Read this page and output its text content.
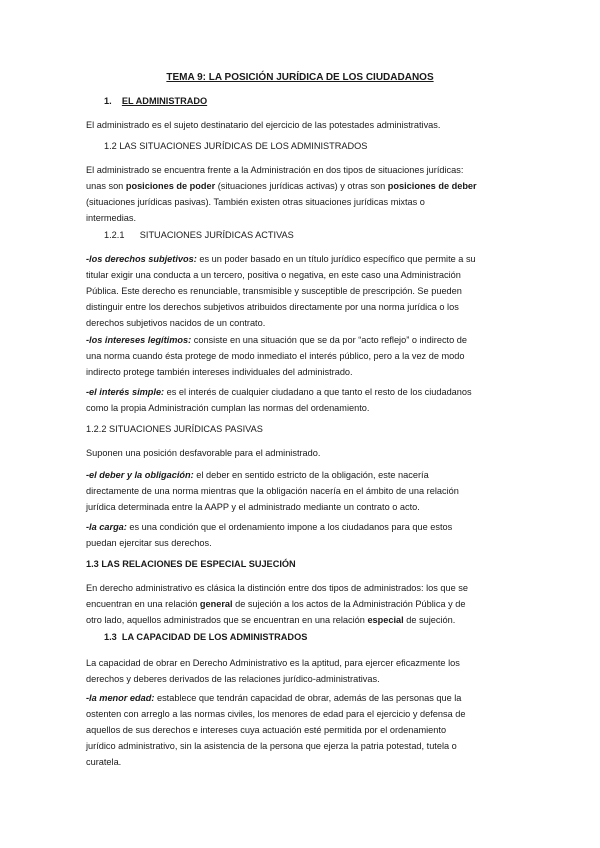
TEMA 9: LA POSICIÓN JURÍDICA DE LOS CIUDADANOS
1. EL ADMINISTRADO
El administrado es el sujeto destinatario del ejercicio de las potestades administrativas.
1.2 LAS SITUACIONES JURÍDICAS DE LOS ADMINISTRADOS
El administrado se encuentra frente a la Administración en dos tipos de situaciones jurídicas:
unas son posiciones de poder (situaciones jurídicas activas) y otras son posiciones de deber
(situaciones jurídicas pasivas). También existen otras situaciones jurídicas mixtas o
intermedias.
1.2.1 SITUACIONES JURÍDICAS ACTIVAS
-los derechos subjetivos: es un poder basado en un título jurídico específico que permite a su
titular exigir una conducta a un tercero, positiva o negativa, en este caso una Administración
Pública. Este derecho es renunciable, transmisible y susceptible de prescripción. Se pueden
distinguir entre los derechos subjetivos atribuidos directamente por una norma jurídica o los
derechos subjetivos nacidos de un contrato.
-los intereses legítimos: consiste en una situación que se da por “acto reflejo” o indirecto de
una norma cuando ésta protege de modo inmediato el interés público, pero a la vez de modo
indirecto protege también intereses individuales del administrado.
-el interés simple: es el interés de cualquier ciudadano a que tanto el resto de los ciudadanos
como la propia Administración cumplan las normas del ordenamiento.
1.2.2 SITUACIONES JURÍDICAS PASIVAS
Suponen una posición desfavorable para el administrado.
-el deber y la obligación: el deber en sentido estricto de la obligación, este nacería
directamente de una norma mientras que la obligación nacería en el ámbito de una relación
jurídica determinada entre la AAPP y el administrado mediante un contrato o acto.
-la carga: es una condición que el ordenamiento impone a los ciudadanos para que estos
puedan ejercitar sus derechos.
1.3 LAS RELACIONES DE ESPECIAL SUJECIÓN
En derecho administrativo es clásica la distinción entre dos tipos de administrados: los que se
encuentran en una relación general de sujeción a los actos de la Administración Pública y de
otro lado, aquellos administrados que se encuentran en una relación especial de sujeción.
1.3 LA CAPACIDAD DE LOS ADMINISTRADOS
La capacidad de obrar en Derecho Administrativo es la aptitud, para ejercer eficazmente los
derechos y deberes derivados de las relaciones jurídico-administrativas.
-la menor edad: establece que tendrán capacidad de obrar, además de las personas que la
ostenten con arreglo a las normas civiles, los menores de edad para el ejercicio y defensa de
aquellos de sus derechos e intereses cuya actuación esté permitida por el ordenamiento
jurídico administrativo, sin la asistencia de la persona que ejerza la patria potestad, tutela o
curatela.
